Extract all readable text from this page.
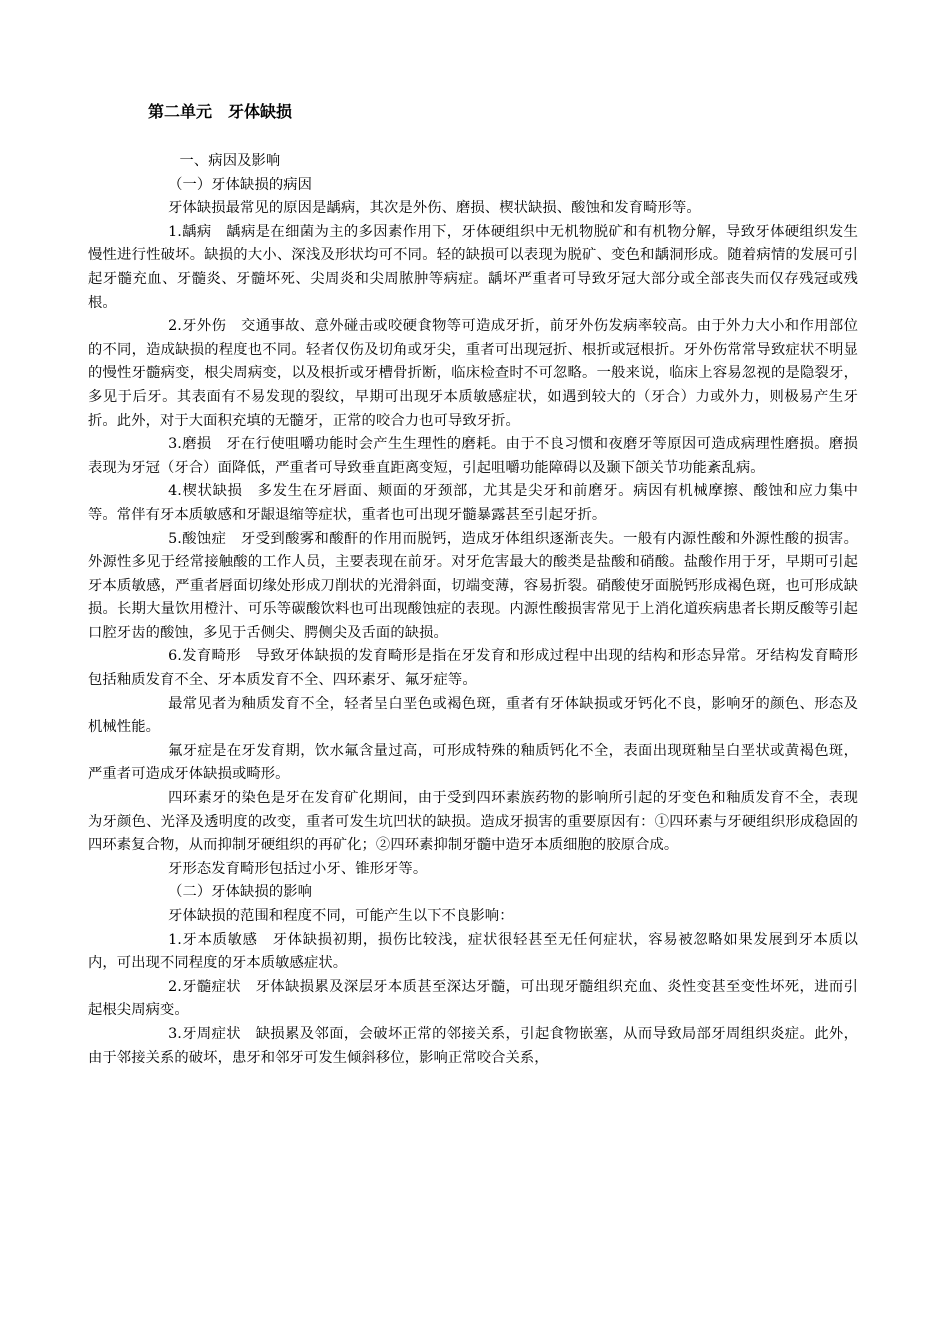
第二单元　牙体缺损

一、病因及影响

（一）牙体缺损的病因

牙体缺损最常见的原因是龋病，其次是外伤、磨损、楔状缺损、酸蚀和发育畸形等。

1.龋病　龋病是在细菌为主的多因素作用下，牙体硬组织中无机物脱矿和有机物分解，导致牙体硬组织发生慢性进行性破坏。缺损的大小、深浅及形状均可不同。轻的缺损可以表现为脱矿、变色和龋洞形成。随着病情的发展可引起牙髓充血、牙髓炎、牙髓坏死、尖周炎和尖周脓肿等病症。龋坏严重者可导致牙冠大部分或全部丧失而仅存残冠或残根。

2.牙外伤　交通事故、意外碰击或咬硬食物等可造成牙折，前牙外伤发病率较高。由于外力大小和作用部位的不同，造成缺损的程度也不同。轻者仅伤及切角或牙尖，重者可出现冠折、根折或冠根折。牙外伤常常导致症状不明显的慢性牙髓病变，根尖周病变，以及根折或牙槽骨折断，临床检查时不可忽略。一般来说，临床上容易忽视的是隐裂牙，多见于后牙。其表面有不易发现的裂纹，早期可出现牙本质敏感症状，如遇到较大的（牙合）力或外力，则极易产生牙折。此外，对于大面积充填的无髓牙，正常的咬合力也可导致牙折。

3.磨损　牙在行使咀嚼功能时会产生生理性的磨耗。由于不良习惯和夜磨牙等原因可造成病理性磨损。磨损表现为牙冠（牙合）面降低，严重者可导致垂直距离变短，引起咀嚼功能障碍以及颞下颌关节功能紊乱病。

4.楔状缺损　多发生在牙唇面、颊面的牙颈部，尤其是尖牙和前磨牙。病因有机械摩擦、酸蚀和应力集中等。常伴有牙本质敏感和牙龈退缩等症状，重者也可出现牙髓暴露甚至引起牙折。

5.酸蚀症　牙受到酸雾和酸酐的作用而脱钙，造成牙体组织逐渐丧失。一般有内源性酸和外源性酸的损害。外源性多见于经常接触酸的工作人员，主要表现在前牙。对牙危害最大的酸类是盐酸和硝酸。盐酸作用于牙，早期可引起牙本质敏感，严重者唇面切缘处形成刀削状的光滑斜面，切端变薄，容易折裂。硝酸使牙面脱钙形成褐色斑，也可形成缺损。长期大量饮用橙汁、可乐等碳酸饮料也可出现酸蚀症的表现。内源性酸损害常见于上消化道疾病患者长期反酸等引起口腔牙齿的酸蚀，多见于舌侧尖、腭侧尖及舌面的缺损。

6.发育畸形　导致牙体缺损的发育畸形是指在牙发育和形成过程中出现的结构和形态异常。牙结构发育畸形包括釉质发育不全、牙本质发育不全、四环素牙、氟牙症等。

最常见者为釉质发育不全，轻者呈白垩色或褐色斑，重者有牙体缺损或牙钙化不良，影响牙的颜色、形态及机械性能。

氟牙症是在牙发育期，饮水氟含量过高，可形成特殊的釉质钙化不全，表面出现斑釉呈白垩状或黄褐色斑，严重者可造成牙体缺损或畸形。

四环素牙的染色是牙在发育矿化期间，由于受到四环素族药物的影响所引起的牙变色和釉质发育不全，表现为牙颜色、光泽及透明度的改变，重者可发生坑凹状的缺损。造成牙损害的重要原因有：①四环素与牙硬组织形成稳固的四环素复合物，从而抑制牙硬组织的再矿化；②四环素抑制牙髓中造牙本质细胞的胶原合成。

牙形态发育畸形包括过小牙、锥形牙等。

（二）牙体缺损的影响

牙体缺损的范围和程度不同，可能产生以下不良影响：

1.牙本质敏感　牙体缺损初期，损伤比较浅，症状很轻甚至无任何症状，容易被忽略如果发展到牙本质以内，可出现不同程度的牙本质敏感症状。

2.牙髓症状　牙体缺损累及深层牙本质甚至深达牙髓，可出现牙髓组织充血、炎性变甚至变性坏死，进而引起根尖周病变。

3.牙周症状　缺损累及邻面，会破坏正常的邻接关系，引起食物嵌塞，从而导致局部牙周组织炎症。此外，由于邻接关系的破坏，患牙和邻牙可发生倾斜移位，影响正常咬合关系，
